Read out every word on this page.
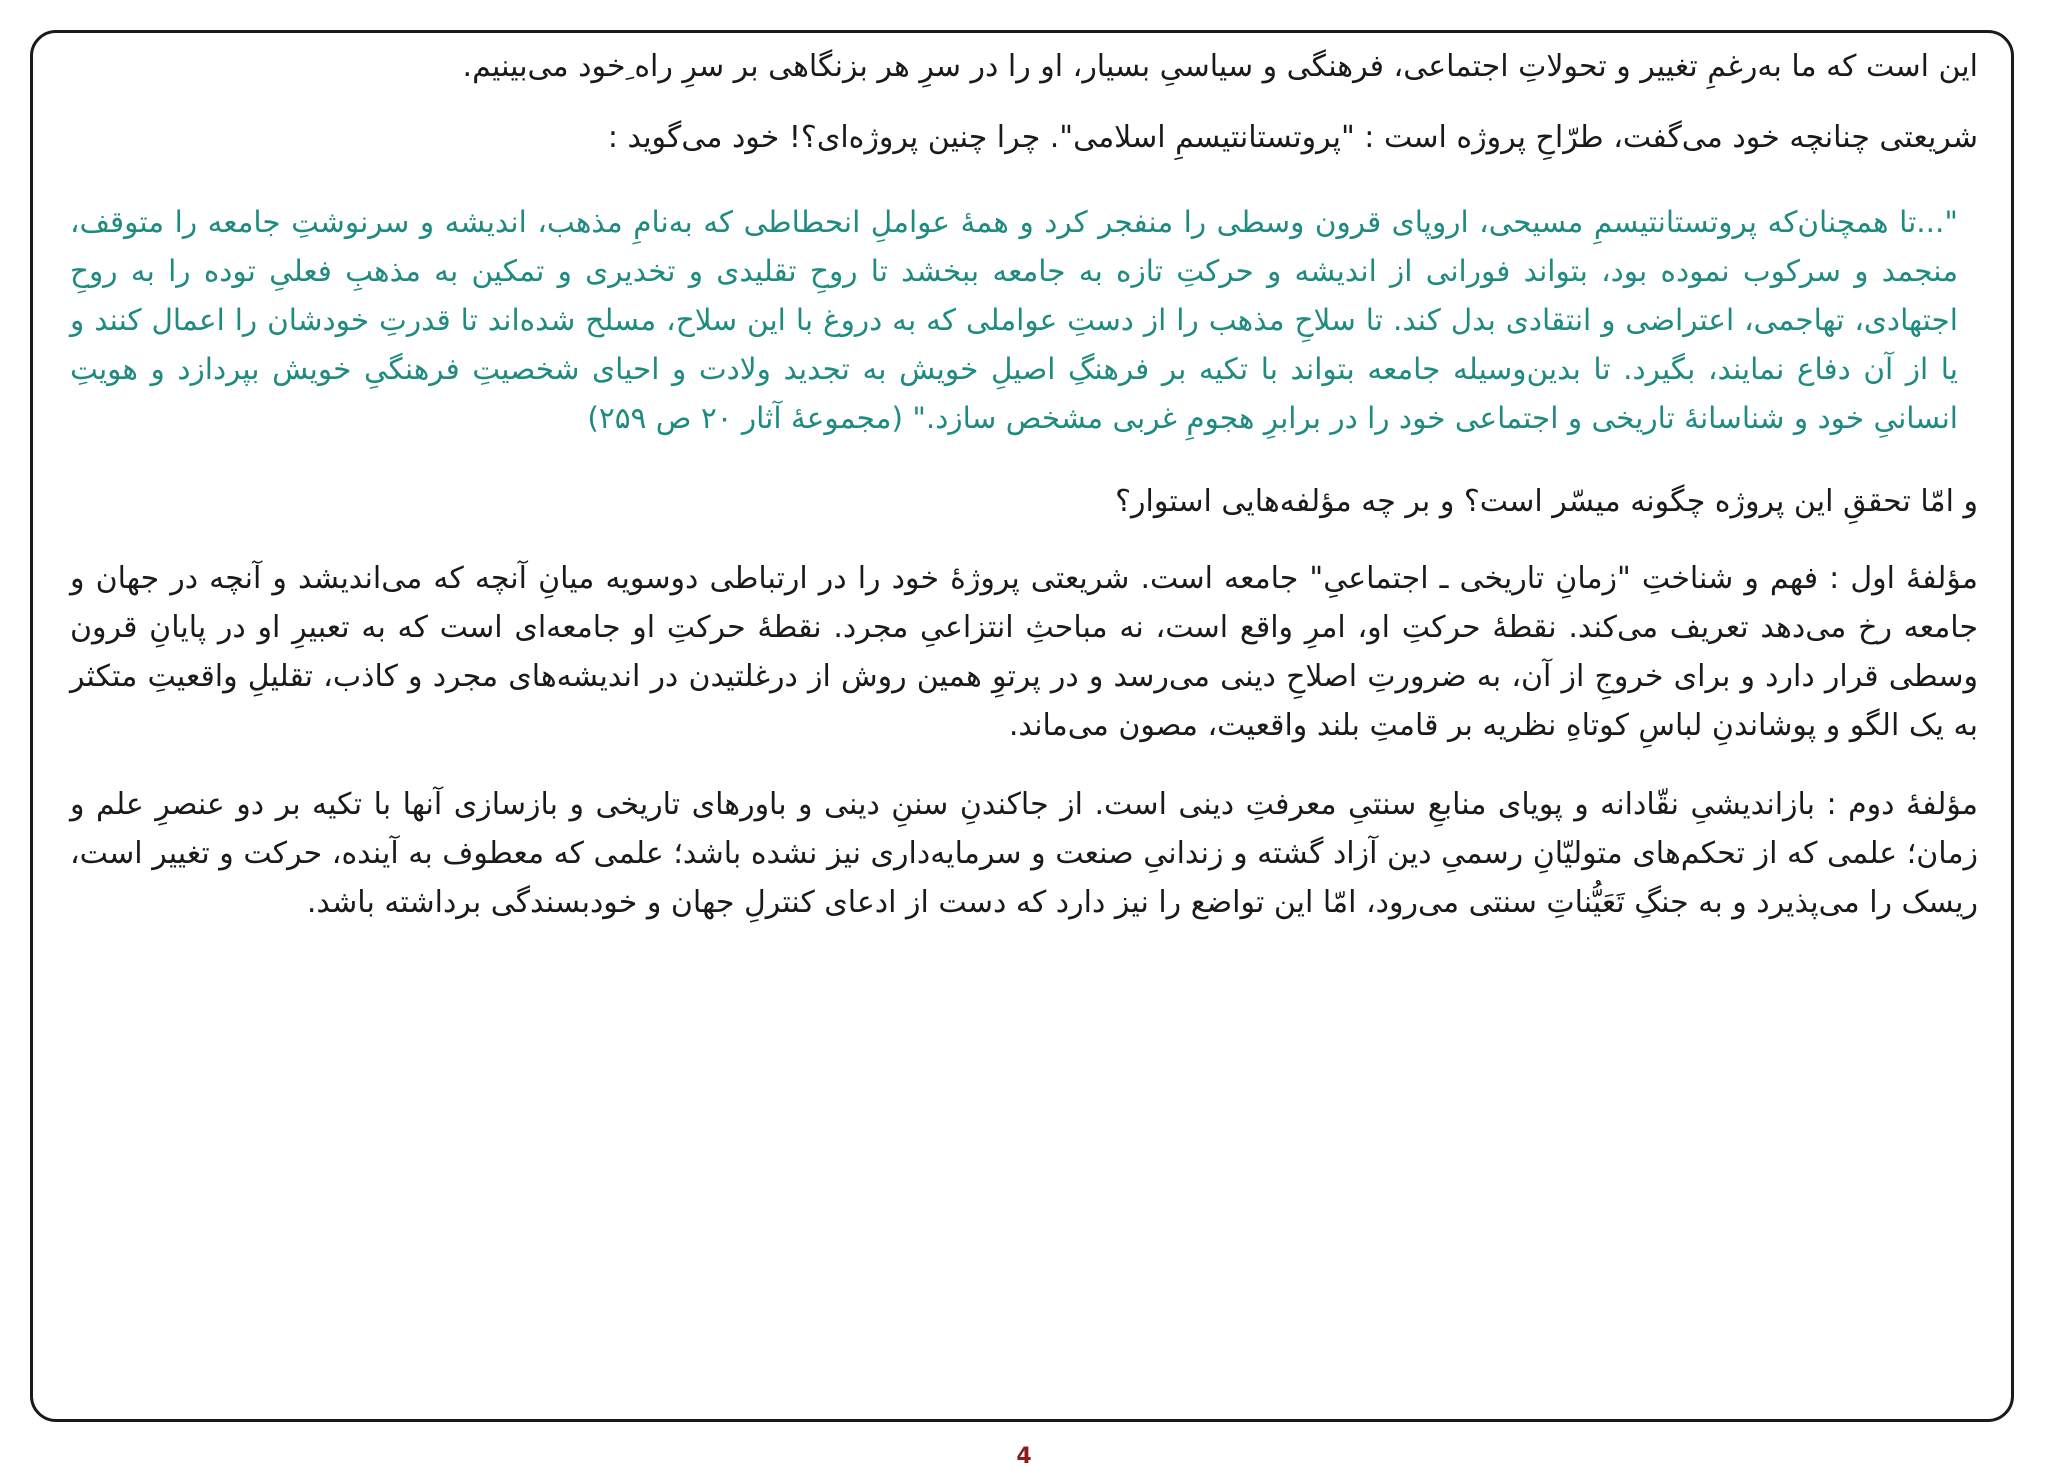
این است که ما به‌رغمِ تغییر و تحولاتِ اجتماعی، فرهنگی و سیاسیِ بسیار، او را در سرِ هر بزنگاهی بر سرِ راه ِخود می‌بینیم.

شریعتی چنانچه خود می‌گفت، طرّاحِ پروژه است : "پروتستانتیسمِ اسلامی". چرا چنین پروژه‌ای؟! خود می‌گوید :

"...تا همچنان‌که پروتستانتیسمِ مسیحی، اروپای قرون وسطی را منفجر کرد و همهٔ عواملِ انحطاطی که به‌نامِ مذهب، اندیشه و سرنوشتِ جامعه را متوقف، منجمد و سرکوب نموده بود، بتواند فورانی از اندیشه و حرکتِ تازه به جامعه ببخشد تا روحِ تقلیدی و تخدیری و تمکین به مذهبِ فعلیِ توده را به روحِ اجتهادی، تهاجمی، اعتراضی و انتقادی بدل کند. تا سلاحِ مذهب را از دستِ عواملی که به دروغ با این سلاح، مسلح شده‌اند تا قدرتِ خودشان را اعمال کنند و یا از آن دفاع نمایند، بگیرد. تا بدین‌وسیله جامعه بتواند با تکیه بر فرهنگِ اصیلِ خویش به تجدید ولادت و احیای شخصیتِ فرهنگیِ خویش بپردازد و هویتِ انسانیِ خود و شناسانهٔ تاریخی و اجتماعی خود را در برابرِ هجومِ غربی مشخص سازد." (مجموعهٔ آثار ۲۰ ص ۲۵۹)

و امّا تحققِ این پروژه چگونه میسّر است؟ و بر چه مؤلفه‌هایی استوار؟

مؤلفهٔ اول : فهم و شناختِ "زمانِ تاریخی ـ اجتماعیِ" جامعه است. شریعتی پروژهٔ خود را در ارتباطی دوسویه میانِ آنچه که می‌اندیشد و آنچه در جهان و جامعه رخ می‌دهد تعریف می‌کند. نقطهٔ حرکتِ او، امرِ واقع است، نه مباحثِ انتزاعیِ مجرد. نقطهٔ حرکتِ او جامعه‌ای است که به تعبیرِ او در پایانِ قرون وسطی قرار دارد و برای خروجِ از آن، به ضرورتِ اصلاحِ دینی می‌رسد و در پرتوِ همین روش از درغلتیدن در اندیشه‌های مجرد و کاذب، تقلیلِ واقعیتِ متکثر به یک الگو و پوشاندنِ لباسِ کوتاهِ نظریه بر قامتِ بلند واقعیت، مصون می‌ماند.

مؤلفهٔ دوم : بازاندیشیِ نقّادانه و پویای منابعِ سنتیِ معرفتِ دینی است. از جاکندنِ سننِ دینی و باورهای تاریخی و بازسازی آنها با تکیه بر دو عنصرِ علم و زمان؛ علمی که از تحکم‌های متولیّانِ رسمیِ دین آزاد گشته و زندانیِ صنعت و سرمایه‌داری نیز نشده باشد؛ علمی که معطوف به آینده، حرکت و تغییر است، ریسک را می‌پذیرد و به جنگِ تَعَیُّناتِ سنتی می‌رود، امّا این تواضع را نیز دارد که دست از ادعای کنترلِ جهان و خودبسندگی برداشته باشد.

4
